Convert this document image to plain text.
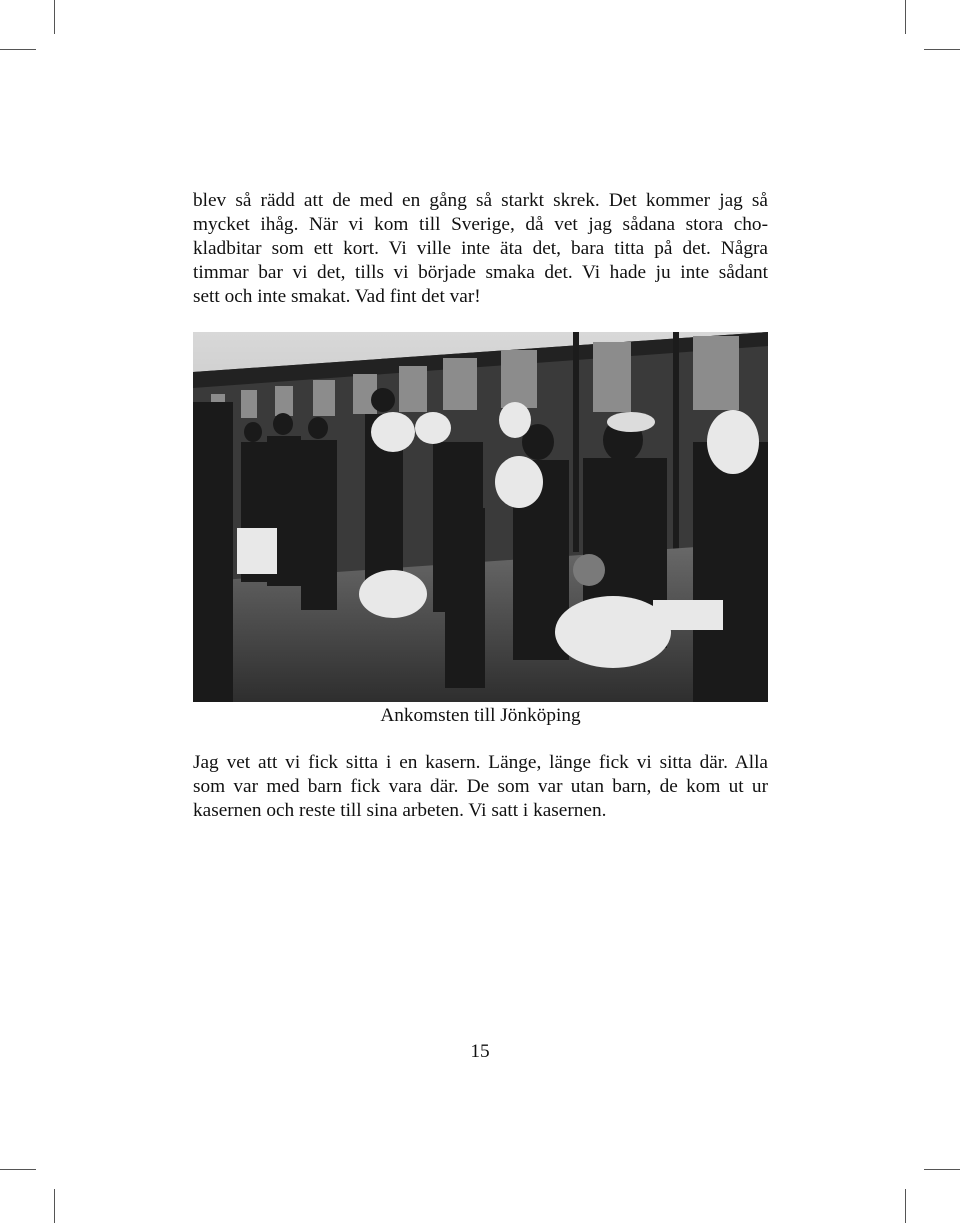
blev så rädd att de med en gång så starkt skrek. Det kommer jag så
mycket ihåg. När vi kom till Sverige, då vet jag sådana stora cho-
kladbitar som ett kort. Vi ville inte äta det, bara titta på det. Några
timmar bar vi det, tills vi började smaka det. Vi hade ju inte sådant
sett och inte smakat. Vad fint det var!

Ankomsten till Jönköping

Jag vet att vi fick sitta i en kasern. Länge, länge fick vi sitta där. Alla
som var med barn fick vara där. De som var utan barn, de kom ut ur
kasernen och reste till sina arbeten. Vi satt i kasernen.

15
